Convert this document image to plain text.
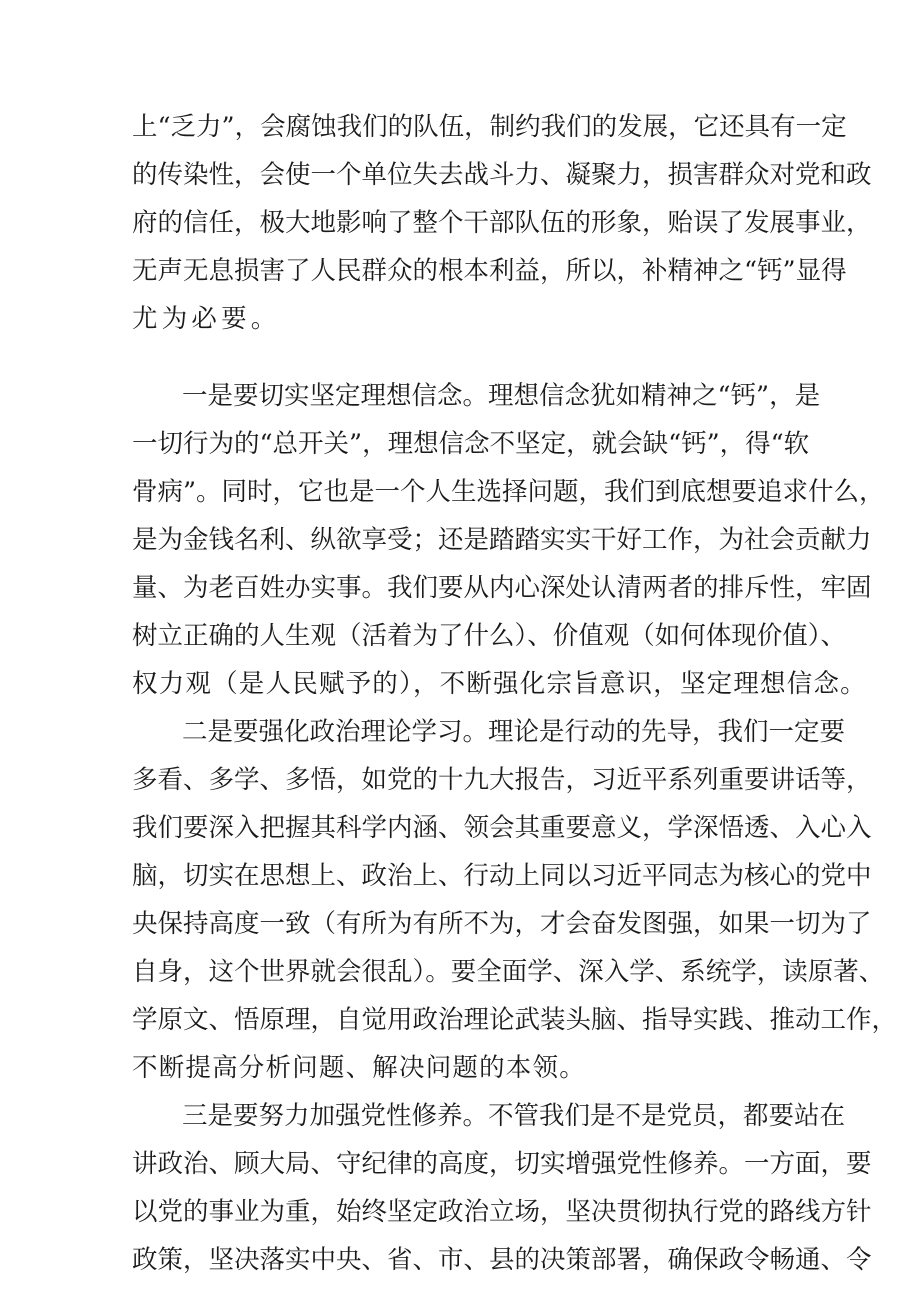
上“乏力”，会腐蚀我们的队伍，制约我们的发展，它还具有一定
的传染性，会使一个单位失去战斗力、凝聚力，损害群众对党和政
府的信任，极大地影响了整个干部队伍的形象，贻误了发展事业，
无声无息损害了人民群众的根本利益，所以，补精神之“钙”显得
尤为必要。
一是要切实坚定理想信念。理想信念犹如精神之“钙”，是
一切行为的“总开关”，理想信念不坚定，就会缺“钙”，得“软
骨病”。同时，它也是一个人生选择问题，我们到底想要追求什么，
是为金钱名利、纵欲享受；还是踏踏实实干好工作，为社会贡献力
量、为老百姓办实事。我们要从内心深处认清两者的排斥性，牢固
树立正确的人生观（活着为了什么）、价值观（如何体现价值）、
权力观（是人民赋予的），不断强化宗旨意识，坚定理想信念。
二是要强化政治理论学习。理论是行动的先导，我们一定要
多看、多学、多悟，如党的十九大报告，习近平系列重要讲话等，
我们要深入把握其科学内涵、领会其重要意义，学深悟透、入心入
脑，切实在思想上、政治上、行动上同以习近平同志为核心的党中
央保持高度一致（有所为有所不为，才会奋发图强，如果一切为了
自身，这个世界就会很乱）。要全面学、深入学、系统学，读原著、
学原文、悟原理，自觉用政治理论武装头脑、指导实践、推动工作，
不断提高分析问题、解决问题的本领。
三是要努力加强党性修养。不管我们是不是党员，都要站在
讲政治、顾大局、守纪律的高度，切实增强党性修养。一方面，要
以党的事业为重，始终坚定政治立场，坚决贯彻执行党的路线方针
政策，坚决落实中央、省、市、县的决策部署，确保政令畅通、令
